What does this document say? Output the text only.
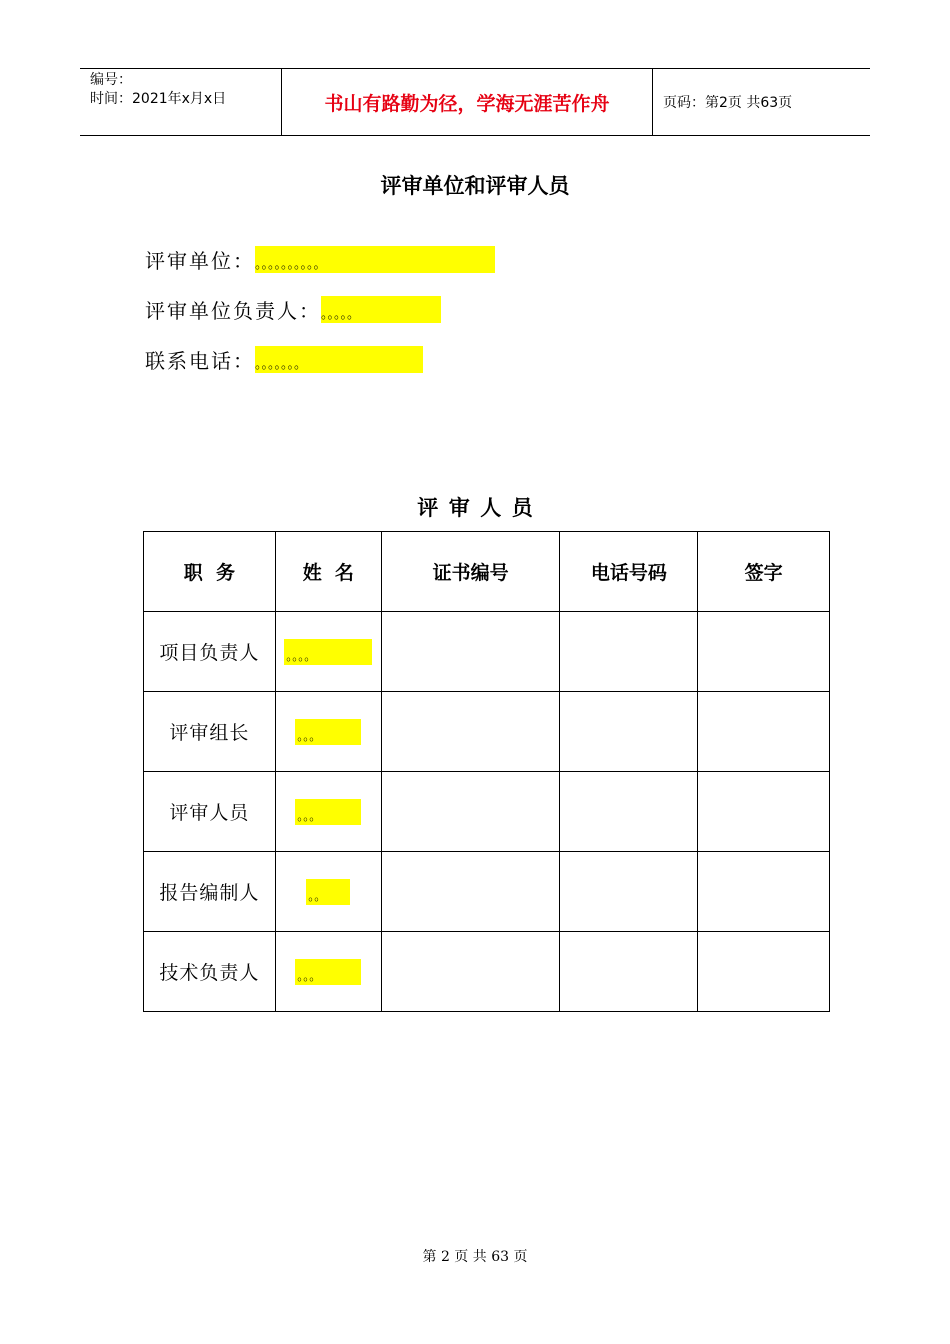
编号：
时间：2021年x月x日	书山有路勤为径，学海无涯苦作舟	页码：第2页 共63页
评审单位和评审人员
评审单位： 。。。。。。。。。。
评审单位负责人： 。。。。。
联系电话： 。。。。。。。
评审人员
职  务	姓  名	证书编号	电话号码	签字
项目负责人	。。。。			
评审组长	。。。			
评审人员	。。。			
报告编制人	。。			
技术负责人	。。。			
第 2 页 共 63 页
